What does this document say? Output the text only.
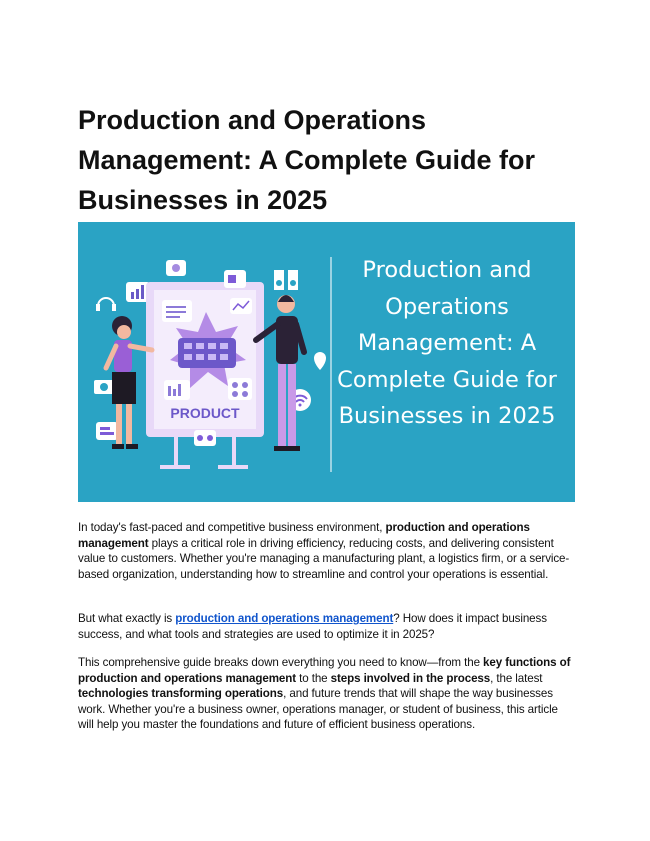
Production and Operations Management: A Complete Guide for Businesses in 2025
PRODUCT
Production and Operations Management: A Complete Guide for Businesses in 2025

In today's fast-paced and competitive business environment, production and operations management plays a critical role in driving efficiency, reducing costs, and delivering consistent value to customers. Whether you're managing a manufacturing plant, a logistics firm, or a service-based organization, understanding how to streamline and control your operations is essential.

But what exactly is production and operations management? How does it impact business success, and what tools and strategies are used to optimize it in 2025?

This comprehensive guide breaks down everything you need to know—from the key functions of production and operations management to the steps involved in the process, the latest technologies transforming operations, and future trends that will shape the way businesses work. Whether you're a business owner, operations manager, or student of business, this article will help you master the foundations and future of efficient business operations.
